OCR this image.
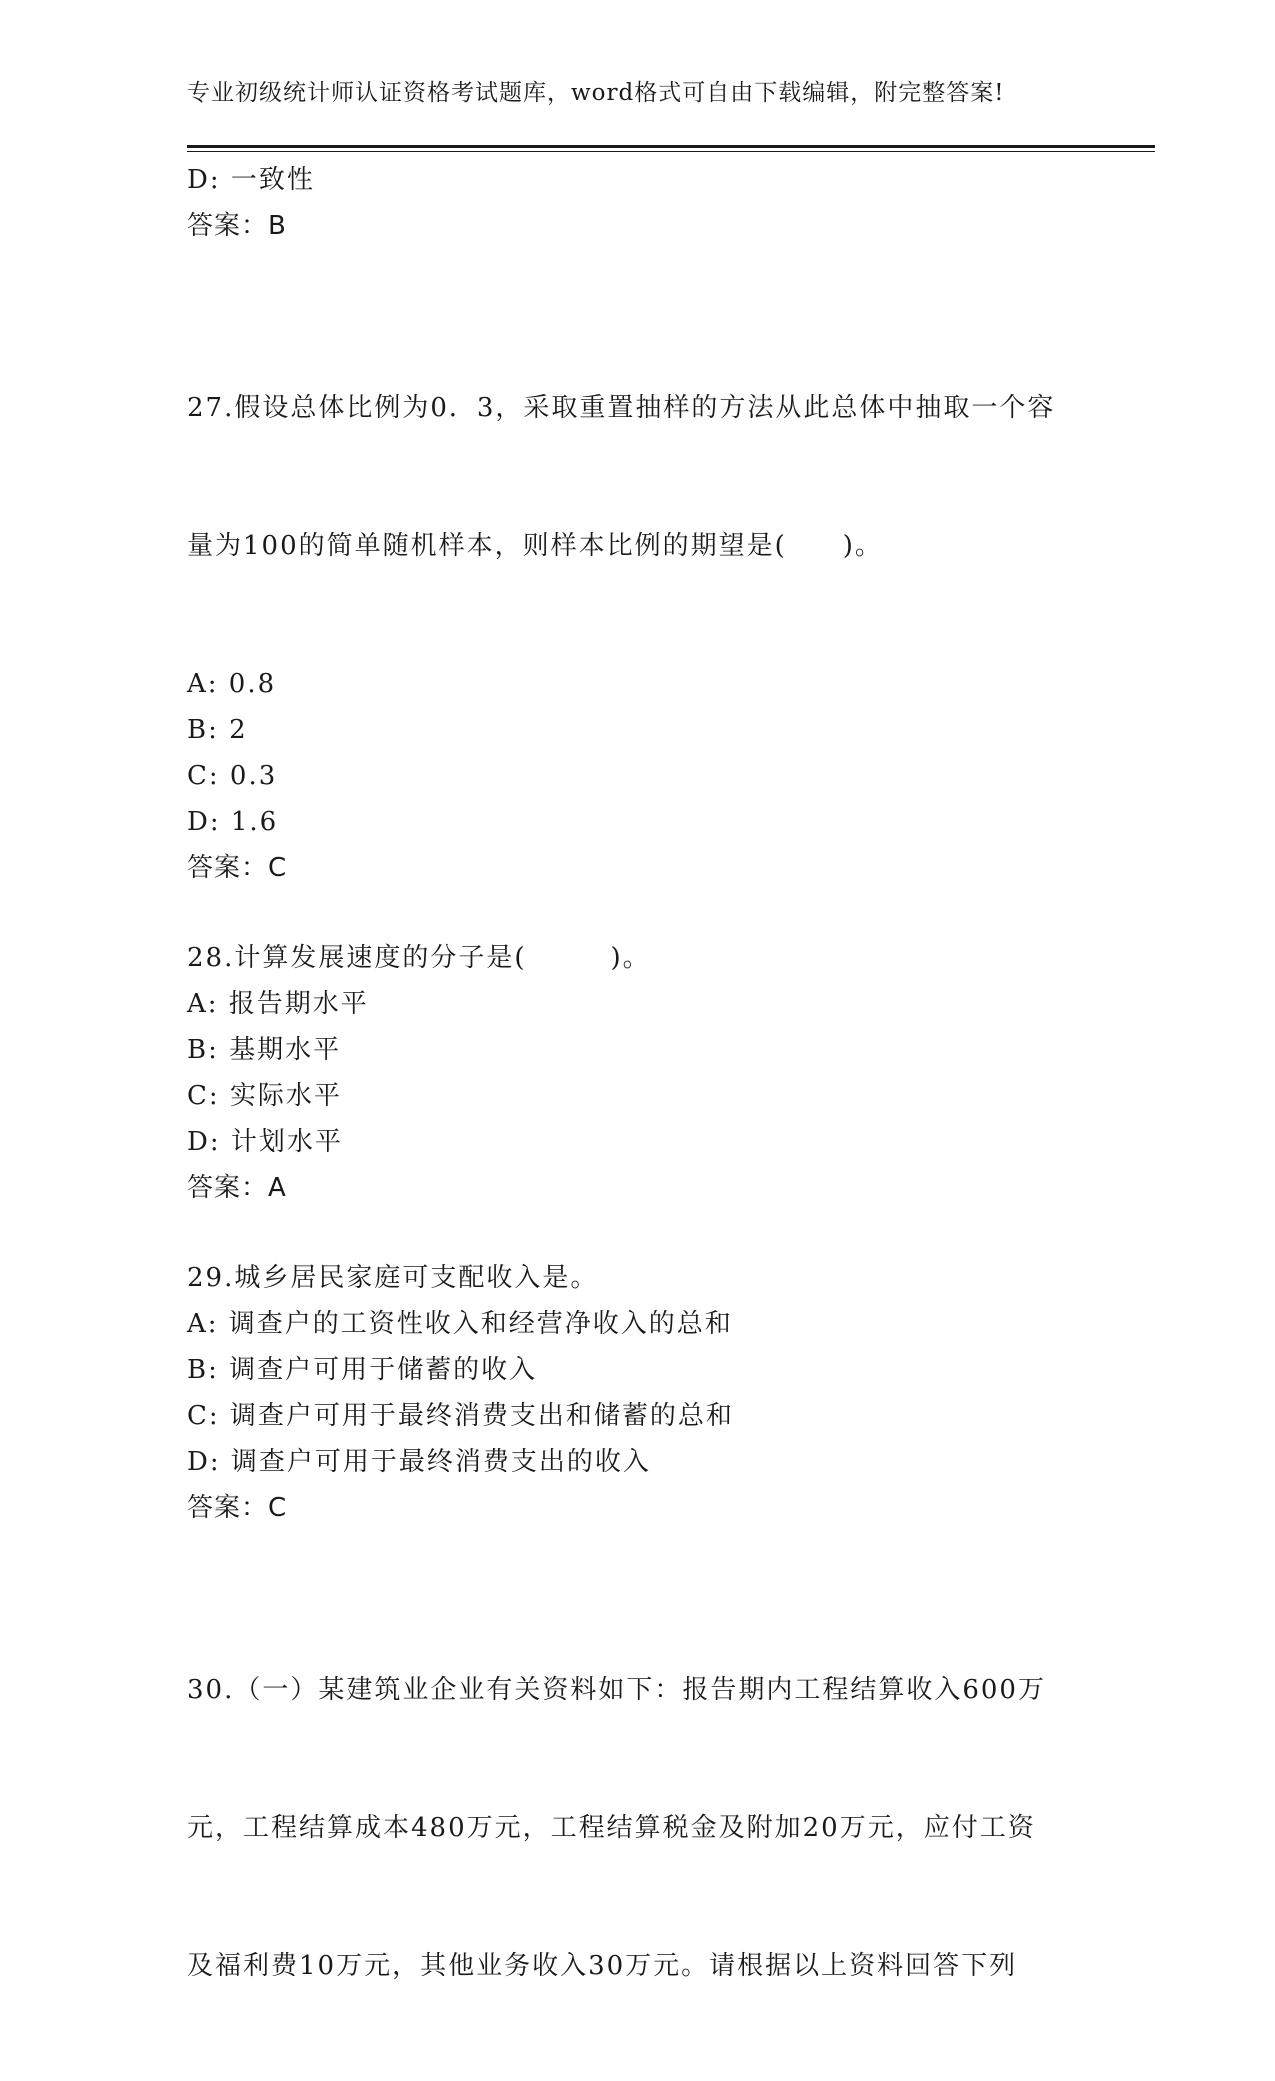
专业初级统计师认证资格考试题库，word格式可自由下载编辑，附完整答案!
D: 一致性
答案：B

27.假设总体比例为0．3，采取重置抽样的方法从此总体中抽取一个容

量为100的简单随机样本，则样本比例的期望是(　　)。

A: 0.8
B: 2
C: 0.3
D: 1.6
答案：C
28.计算发展速度的分子是(　　　)。
A: 报告期水平
B: 基期水平
C: 实际水平
D: 计划水平
答案：A
29.城乡居民家庭可支配收入是。
A: 调查户的工资性收入和经营净收入的总和
B: 调查户可用于储蓄的收入
C: 调查户可用于最终消费支出和储蓄的总和
D: 调查户可用于最终消费支出的收入
答案：C

30.（一）某建筑业企业有关资料如下：报告期内工程结算收入600万

元，工程结算成本480万元，工程结算税金及附加20万元，应付工资

及福利费10万元，其他业务收入30万元。请根据以上资料回答下列
